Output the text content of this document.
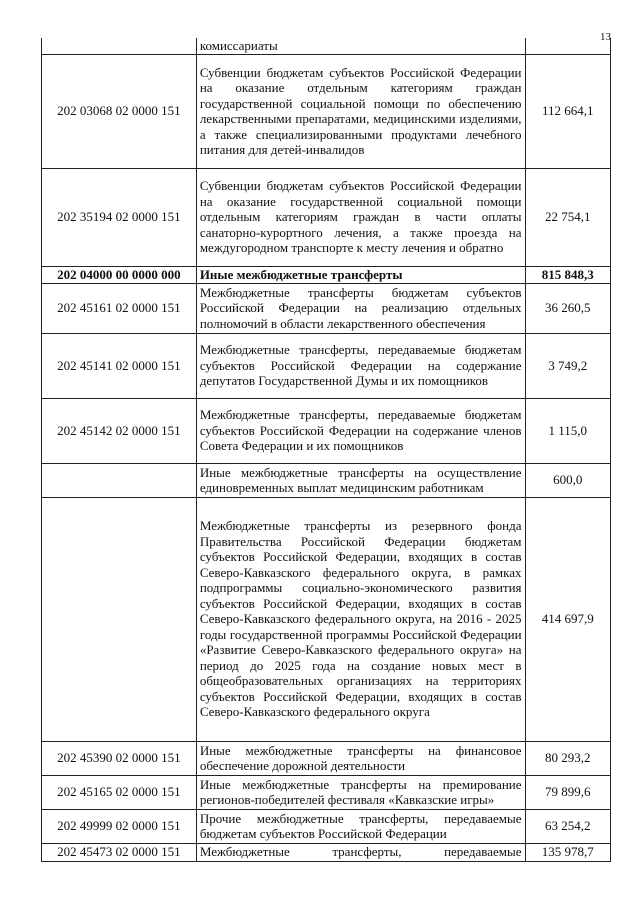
13
	комиссариаты	
202 03068 02 0000 151	Субвенции бюджетам субъектов Российской Федерации на оказание отдельным категориям граждан государственной социальной помощи по обеспечению лекарственными препаратами, медицинскими изделиями, а также специализированными продуктами лечебного питания для детей-инвалидов	112 664,1
202 35194 02 0000 151	Субвенции бюджетам субъектов Российской Федерации на оказание государственной социальной помощи отдельным категориям граждан в части оплаты санаторно-курортного лечения, а также проезда на междугородном транспорте к месту лечения и обратно	22 754,1
202 04000 00 0000 000	Иные межбюджетные трансферты	815 848,3
202 45161 02 0000 151	Межбюджетные трансферты бюджетам субъектов Российской Федерации на реализацию отдельных полномочий в области лекарственного обеспечения	36 260,5
202 45141 02 0000 151	Межбюджетные трансферты, передаваемые бюджетам субъектов Российской Федерации на содержание депутатов Государственной Думы и их помощников	3 749,2
202 45142 02 0000 151	Межбюджетные трансферты, передаваемые бюджетам субъектов Российской Федерации на содержание членов Совета Федерации и их помощников	1 115,0
	Иные межбюджетные трансферты на осуществление единовременных выплат медицинским работникам	600,0
	Межбюджетные трансферты из резервного фонда Правительства Российской Федерации бюджетам субъектов Российской Федерации, входящих в состав Северо-Кавказского федерального округа, в рамках подпрограммы социально-экономического развития субъектов Российской Федерации, входящих в состав Северо-Кавказского федерального округа, на 2016 - 2025 годы государственной программы Российской Федерации «Развитие Северо-Кавказского федерального округа» на период до 2025 года на создание новых мест в общеобразовательных организациях на территориях субъектов Российской Федерации, входящих в состав Северо-Кавказского федерального округа	414 697,9
202 45390 02 0000 151	Иные межбюджетные трансферты на финансовое обеспечение дорожной деятельности	80 293,2
202 45165 02 0000 151	Иные межбюджетные трансферты на премирование регионов-победителей фестиваля «Кавказские игры»	79 899,6
202 49999 02 0000 151	Прочие межбюджетные трансферты, передаваемые бюджетам субъектов Российской Федерации	63 254,2
202 45473 02 0000 151	Межбюджетные трансферты, передаваемые	135 978,7
